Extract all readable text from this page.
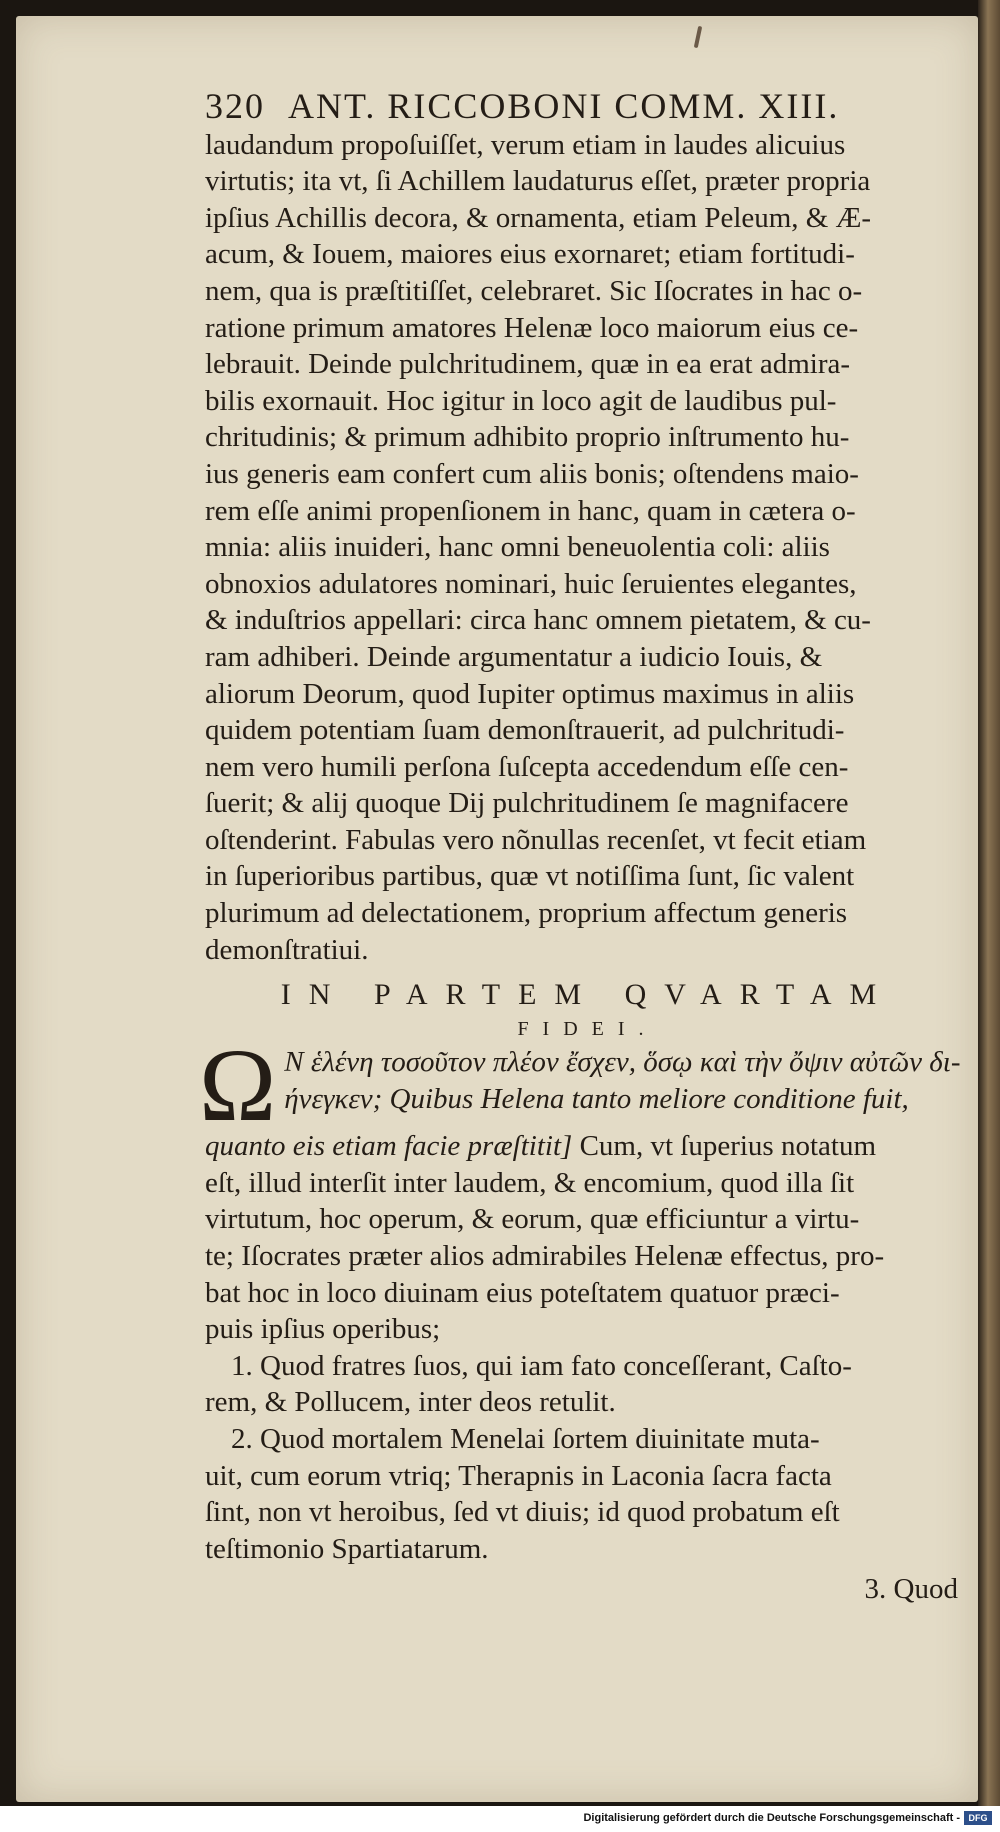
320 ANT. RICCOBONI COMM. XIII.
laudandum propoſuiſſet, verum etiam in laudes alicuius
virtutis; ita vt, ſi Achillem laudaturus eſſet, præter propria
ipſius Achillis decora, & ornamenta, etiam Peleum, & Æ-
acum, & Iouem, maiores eius exornaret; etiam fortitudi-
nem, qua is præſtitiſſet, celebraret. Sic Iſocrates in hac o-
ratione primum amatores Helenæ loco maiorum eius ce-
lebrauit. Deinde pulchritudinem, quæ in ea erat admira-
bilis exornauit. Hoc igitur in loco agit de laudibus pul-
chritudinis; & primum adhibito proprio inſtrumento hu-
ius generis eam confert cum aliis bonis; oſtendens maio-
rem eſſe animi propenſionem in hanc, quam in cætera o-
mnia: aliis inuideri, hanc omni beneuolentia coli: aliis
obnoxios adulatores nominari, huic ſeruientes elegantes,
& induſtrios appellari: circa hanc omnem pietatem, & cu-
ram adhiberi. Deinde argumentatur a iudicio Iouis, &
aliorum Deorum, quod Iupiter optimus maximus in aliis
quidem potentiam ſuam demonſtrauerit, ad pulchritudi-
nem vero humili perſona ſuſcepta accedendum eſſe cen-
ſuerit; & alij quoque Dij pulchritudinem ſe magnifacere
oſtenderint. Fabulas vero nõnullas recenſet, vt fecit etiam
in ſuperioribus partibus, quæ vt notiſſima ſunt, ſic valent
plurimum ad delectationem, proprium affectum generis
demonſtratiui.
IN PARTEM QVARTAM
FIDEI.
Ω Ν ἑλένη τοσοῦτον πλέον ἔσχεν, ὅσῳ καὶ τὴν ὄψιν αὐτῶν δι-
ήνεγκεν; Quibus Helena tanto meliore conditione fuit,
quanto eis etiam facie præſtitit] Cum, vt ſuperius notatum
eſt, illud interſit inter laudem, & encomium, quod illa ſit
virtutum, hoc operum, & eorum, quæ efficiuntur a virtu-
te; Iſocrates præter alios admirabiles Helenæ effectus, pro-
bat hoc in loco diuinam eius poteſtatem quatuor præci-
puis ipſius operibus;
1. Quod fratres ſuos, qui iam fato conceſſerant, Caſto-
rem, & Pollucem, inter deos retulit.
2. Quod mortalem Menelai ſortem diuinitate muta-
uit, cum eorum vtriq; Therapnis in Laconia ſacra facta
ſint, non vt heroibus, ſed vt diuis; id quod probatum eſt
teſtimonio Spartiatarum.
3. Quod
Digitalisierung gefördert durch die Deutsche Forschungsgemeinschaft - DFG
